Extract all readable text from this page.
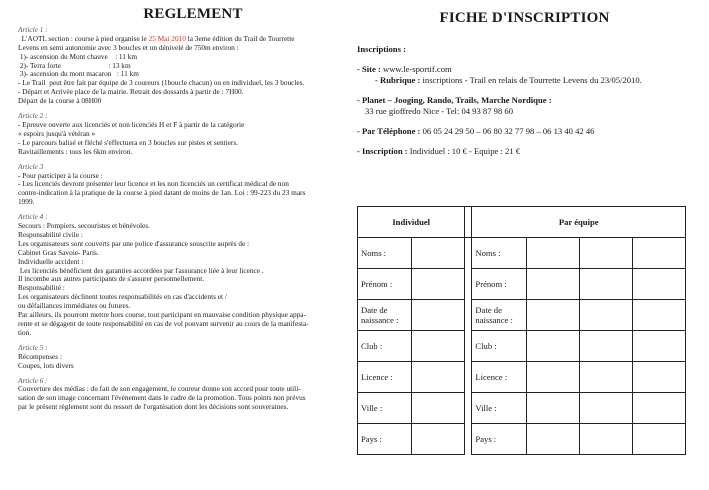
REGLEMENT
Article 1 :
L'AOTL section : course à pied organise le 25 Mai 2010 la 3eme édition du Trail de Tourrette
Levens en semi autonomie avec 3 boucles et un dénivelé de 750m environ :
1)- ascension du Mont chauve    : 11 km
2)- Terra forte                          : 13 km
3)- ascension du mont macaron   : 11 km
- Le Trail  peut être fait par équipe de 3 coureurs (1boucle chacun) ou en individuel, les 3 boucles.
- Départ et Arrivée place de la mairie. Retrait des dossards à partir de : 7H00.
Départ de la course à 08H00
Article 2 :
- Epreuve ouverte aux licenciés et non licenciés H et F à partir de la catégorie
« espoirs jusqu'à vétéran »
- Le parcours balisé et fléché s'effectuera en 3 boucles sur pistes et sentiers.
Ravitaillements : tous les 6km environ.
Article 3
- Pour participer à la course :
- Les licenciés devront présenter leur licence et les non licenciés un certificat médical de non
contre-indication à la pratique de la course à pied datant de moins de 1an. Loi : 99-223 du 23 mars
1999.
Article 4 :
Secours : Pompiers, secouristes et bénévoles.
Responsabilité civile :
Les organisateurs sont couverts par une police d'assurance souscrite auprès de :
Cabinet Gras Savoie- Paris.
Individuelle accident :
Les licenciés bénéficient des garanties accordées par l'assurance liée à leur licence .
Il incombe aux autres participants de s'assurer personnellement.
Responsabilité :
Les organisateurs déclinent toutes responsabilités en cas d'accidents et /
ou défaillances immédiates ou futures.
Par ailleurs, ils pourront mettre hors course, tout participant en mauvaise condition physique appa-
rente et se dégagent de toute responsabilité en cas de vol pouvant survenir au cours de la manifesta-
tion.
Article 5 :
Récompenses :
Coupes, lots divers
Article 6 :
Couverture des médias : du fait de son engagement, le coureur donne son accord pour toute utili-
sation de son image concernant l'évènement dans le cadre de la promotion. Tous points non prévus
par le présent règlement sont du ressort de l'organisation dont les décisions sont souveraines.
FICHE D'INSCRIPTION
Inscriptions :
- Site : www.le-sportif.com
- Rubrique : inscriptions - Trail en relais de Tourrette Levens du 23/05/2010.
- Planet – Jooging, Rando, Trails, Marche Nordique :
33 rue gioffredo Nice - Tel: 04 93 87 98 60
- Par Téléphone : 06 05 24 29 50 – 06 80 32 77 98 – 06 13 40 42 46
- Inscription : Individuel : 10 € - Equipe : 21 €
Individuel			Par équipe			
Noms :			Noms :			
Prénom :			Prénom :			
Date de naissance :			Date de naissance :			
Club :			Club :			
Licence :			Licence :			
Ville :			Ville :			
Pays :			Pays :			
